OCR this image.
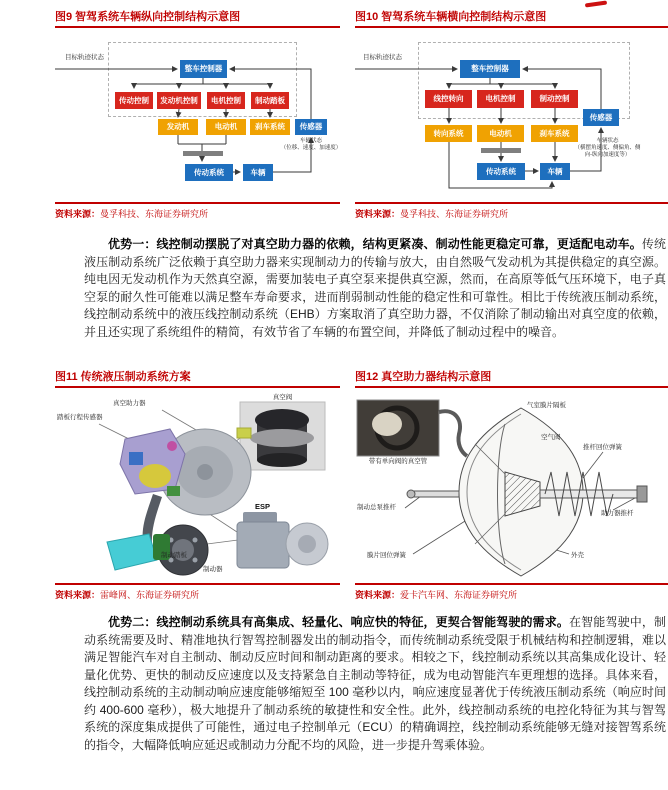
图9 智驾系统车辆纵向控制结构示意图
目标轨迹状态
整车控制器
传动控制	发动机控制	电机控制	制动踏板
发动机	电动机	刹车系统	传感器
车辆状态
（位移、速度、加速度）
传动系统	车辆
资料来源：曼孚科技、东海证券研究所
图10 智驾系统车辆横向控制结构示意图
目标轨迹状态
整车控制器
线控转向	电机控制	制动控制
转向系统	电动机	刹车系统
传感器
车辆状态
（横摆角速度、侧偏角、侧
向-纵向加速度等）
传动系统	车辆
资料来源：曼孚科技、东海证券研究所

优势一：线控制动摆脱了对真空助力器的依赖，结构更紧凑、制动性能更稳定可靠，更适配电动车。传统液压制动系统广泛依赖于真空助力器来实现制动力的传输与放大，由自然吸气发动机为其提供稳定的真空源。纯电因无发动机作为天然真空源，需要加装电子真空泵来提供真空源，然而，在高原等低气压环境下，电子真空泵的耐久性可能难以满足整车寿命要求，进而削弱制动性能的稳定性和可靠性。相比于传统液压制动系统，线控制动系统中的液压线控制动系统（EHB）方案取消了真空助力器，不仅消除了制动输出对真空度的依赖，并且还实现了系统组件的精简，有效节省了车辆的布置空间，并降低了制动过程中的噪音。

图11 传统液压制动系统方案
真空阀
真空助力器
踏板行程传感器
ESP
制动踏板
制动器
资料来源：雷峰网、东海证券研究所
图12 真空助力器结构示意图
带有单向阀的真空管
气室膜片隔板
空气阀
推杆回位弹簧
制动总泵推杆
助力器推杆
膜片回位弹簧	外壳
资料来源：爱卡汽车网、东海证券研究所

优势二：线控制动系统具有高集成、轻量化、响应快的特征，更契合智能驾驶的需求。在智能驾驶中，制动系统需要及时、精准地执行智驾控制器发出的制动指令，而传统制动系统受限于机械结构和控制逻辑，难以满足智能汽车对自主制动、制动反应时间和制动距离的要求。相较之下，线控制动系统以其高集成化设计、轻量化优势、更快的制动反应速度以及支持紧急自主制动等特征，成为电动智能汽车更理想的选择。具体来看，线控制动系统的主动制动响应速度能够缩短至 100 毫秒以内，响应速度显著优于传统液压制动系统（响应时间约 400-600 毫秒），极大地提升了制动系统的敏捷性和安全性。此外，线控制动系统的电控化特征为其与智驾系统的深度集成提供了可能性，通过电子控制单元（ECU）的精确调控，线控制动系统能够无缝对接智驾系统的指令，大幅降低响应延迟或制动力分配不均的风险，进一步提升驾乘体验。
